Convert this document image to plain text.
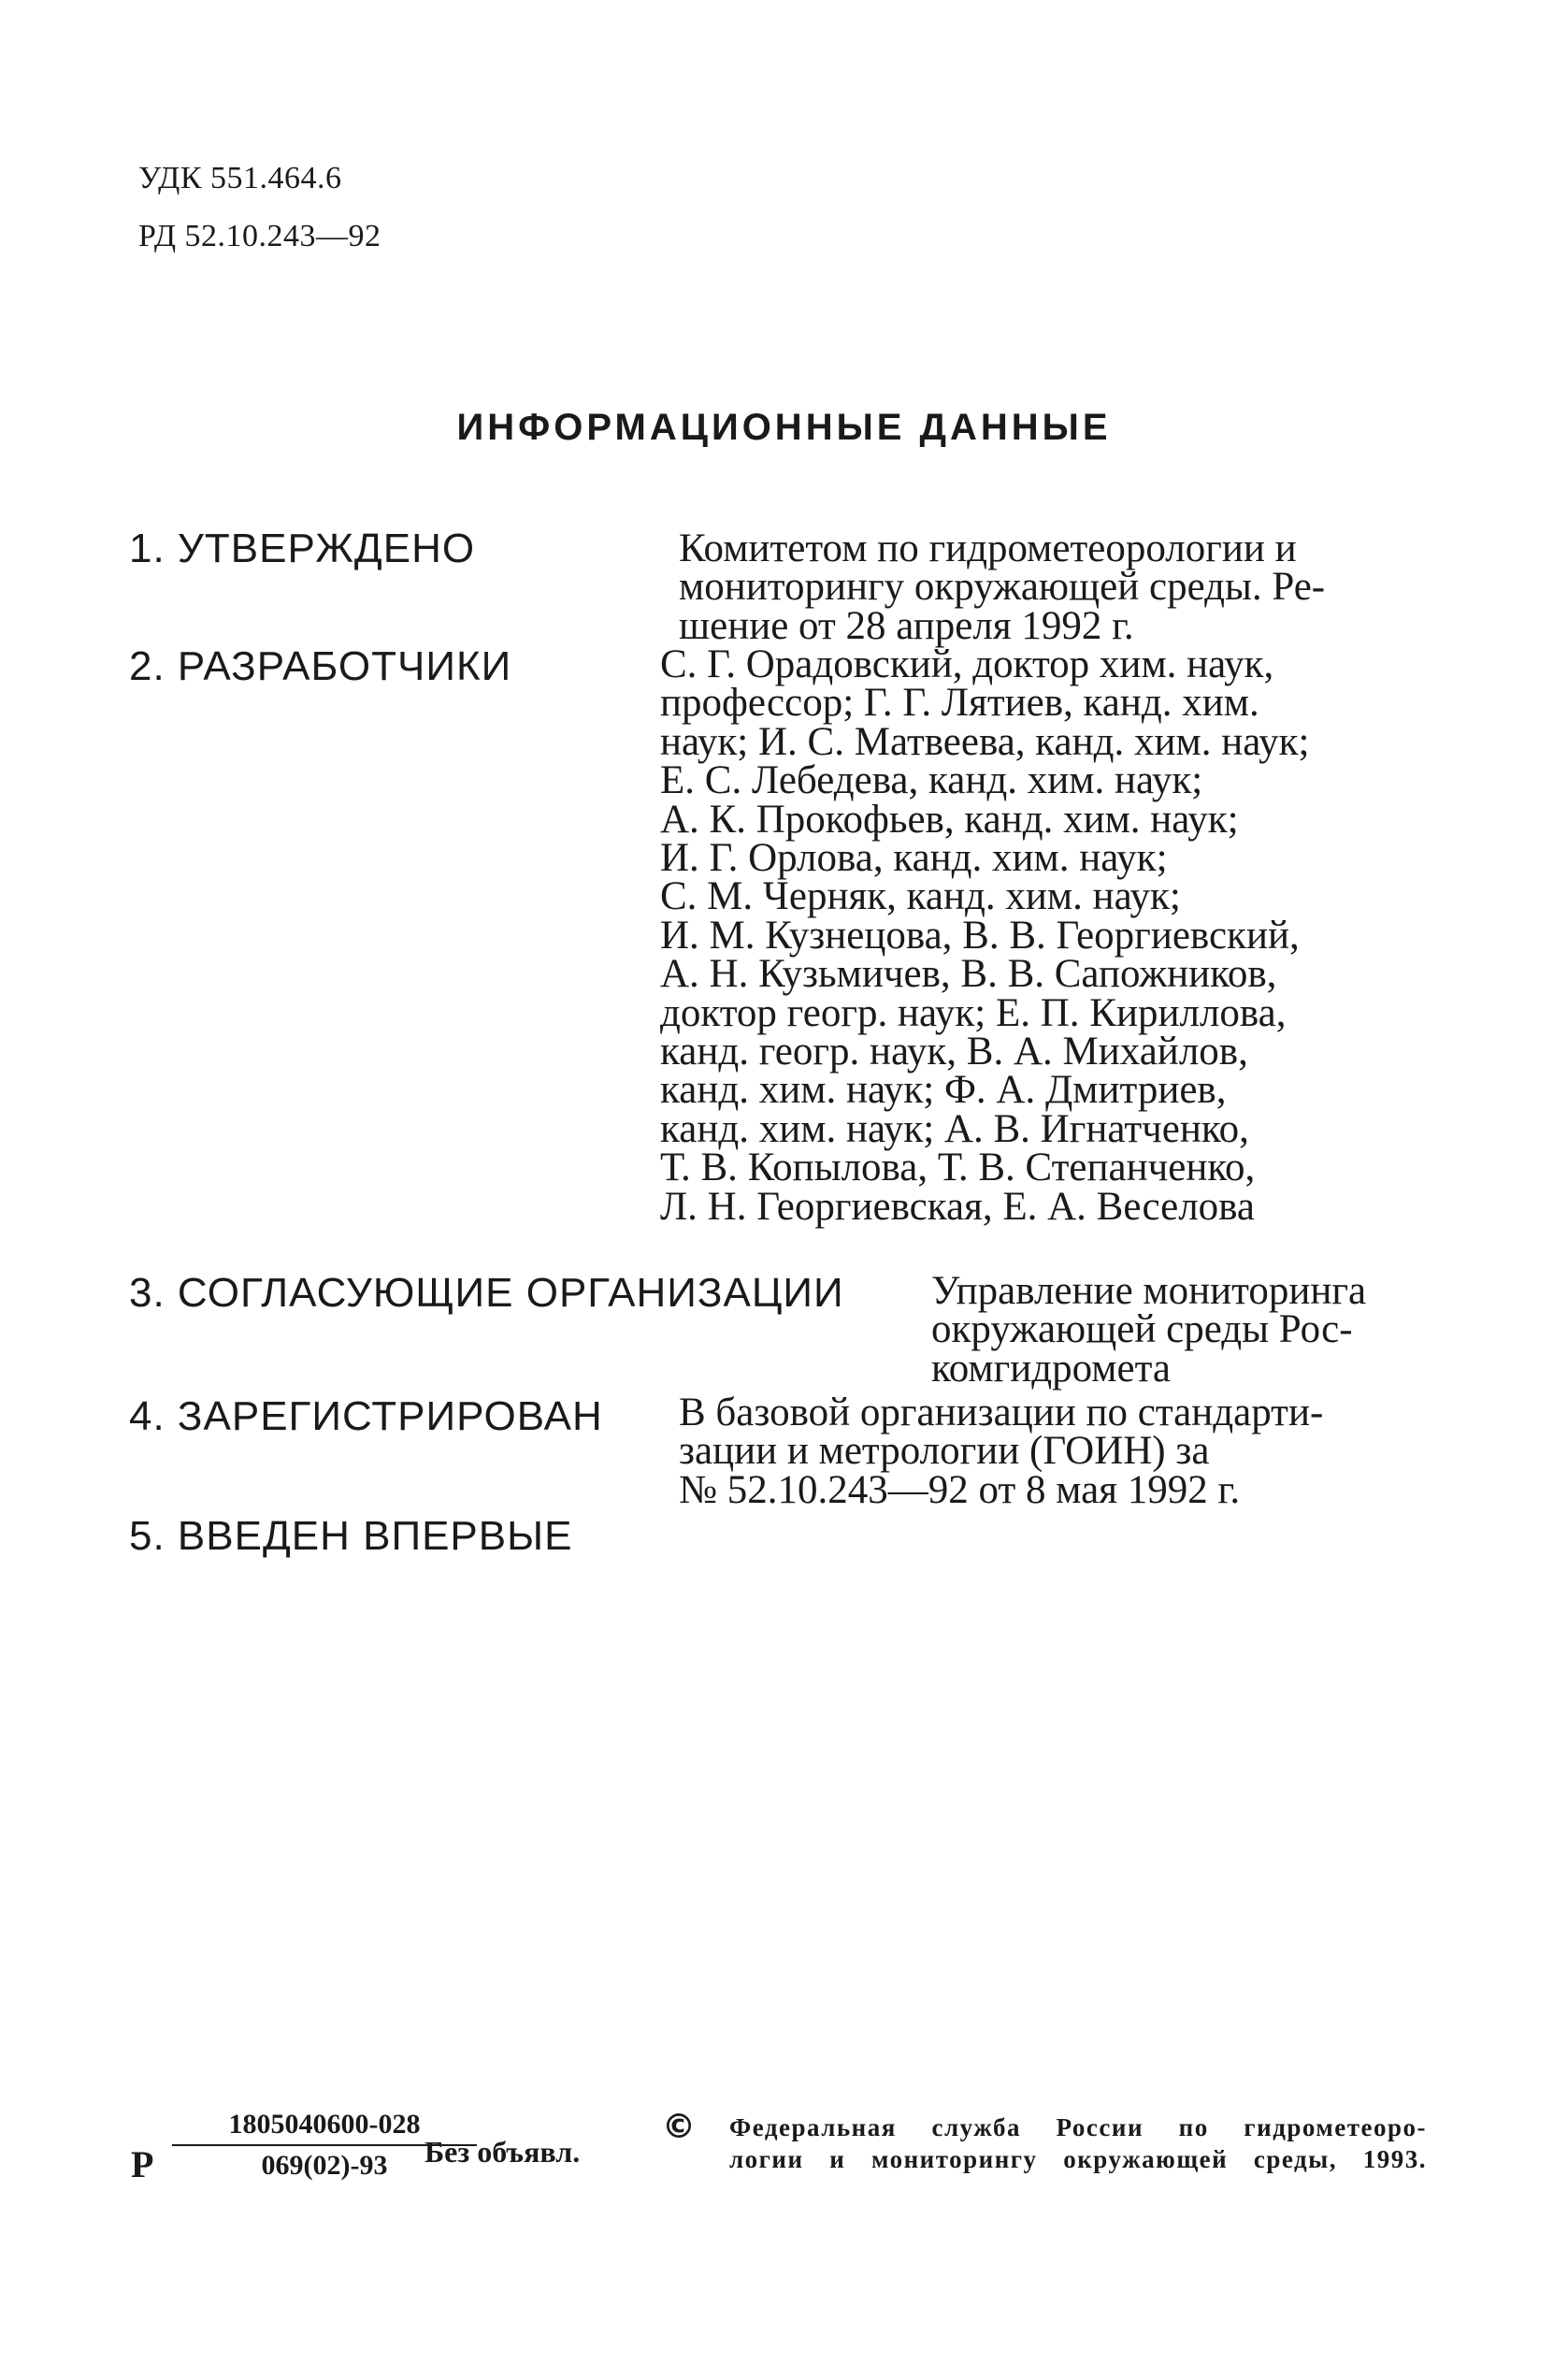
УДК 551.464.6
РД 52.10.243—92
ИНФОРМАЦИОННЫЕ ДАННЫЕ
1. УТВЕРЖДЕНО	Комитетом по гидрометеорологии и
мониторингу окружающей среды. Ре-
шение от 28 апреля 1992 г.
2. РАЗРАБОТЧИКИ	С. Г. Орадовский, доктор хим. наук,
профессор; Г. Г. Лятиев, канд. хим.
наук; И. С. Матвеева, канд. хим. наук;
Е. С. Лебедева, канд. хим. наук;
А. К. Прокофьев, канд. хим. наук;
И. Г. Орлова, канд. хим. наук;
С. М. Черняк, канд. хим. наук;
И. М. Кузнецова, В. В. Георгиевский,
А. Н. Кузьмичев, В. В. Сапожников,
доктор геогр. наук; Е. П. Кириллова,
канд. геогр. наук, В. А. Михайлов,
канд. хим. наук; Ф. А. Дмитриев,
канд. хим. наук; А. В. Игнатченко,
Т. В. Копылова, Т. В. Степанченко,
Л. Н. Георгиевская, Е. А. Веселова
3. СОГЛАСУЮЩИЕ ОРГАНИЗАЦИИ Управление мониторинга
окружающей среды Рос-
комгидромета
4. ЗАРЕГИСТРИРОВАН В базовой организации по стандарти-
зации и метрологии (ГОИН) за
№ 52.10.243—92 от 8 мая 1992 г.
5. ВВЕДЕН ВПЕРВЫЕ
Р
1805040600-028
069(02)-93	Без объявл.
© Федеральная служба России по гидрометеоро-
логии и мониторингу окружающей среды, 1993.
